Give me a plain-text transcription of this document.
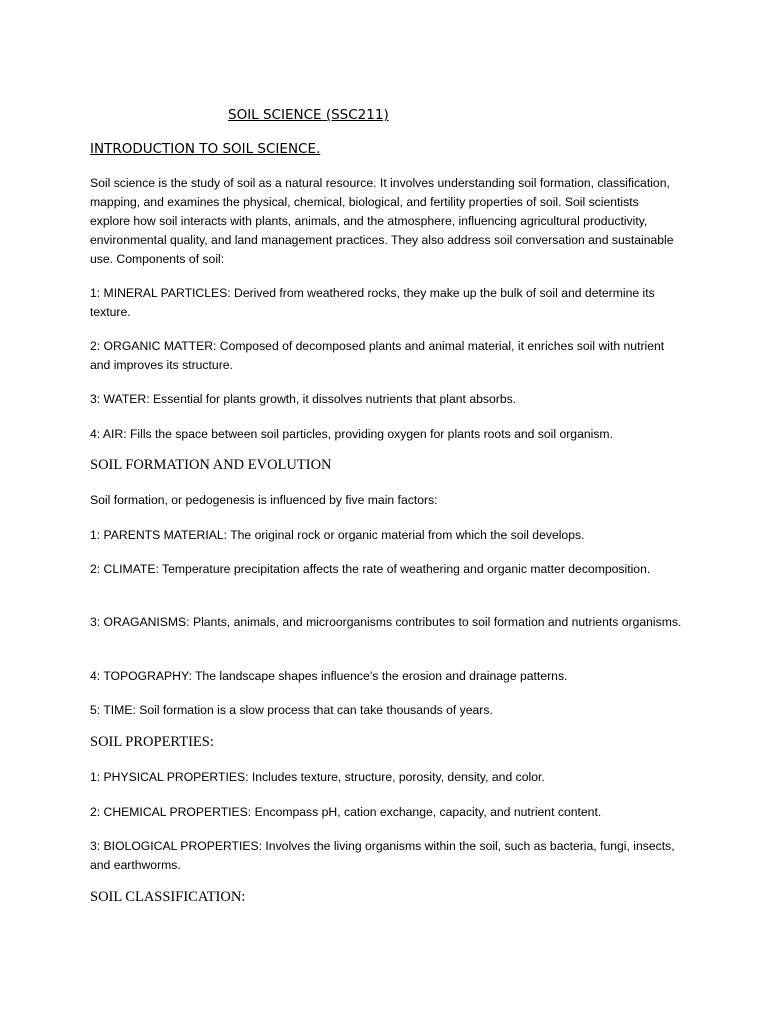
SOIL SCIENCE (SSC211)
INTRODUCTION TO SOIL SCIENCE.

Soil science is the study of soil as a natural resource. It involves understanding soil formation, classification, mapping, and examines the physical, chemical, biological, and fertility properties of soil. Soil scientists explore how soil interacts with plants, animals, and the atmosphere, influencing agricultural productivity, environmental quality, and land management practices. They also address soil conversation and sustainable use. Components of soil:

1: MINERAL PARTICLES: Derived from weathered rocks, they make up the bulk of soil and determine its texture.

2: ORGANIC MATTER: Composed of decomposed plants and animal material, it enriches soil with nutrient and improves its structure.

3: WATER: Essential for plants growth, it dissolves nutrients that plant absorbs.

4: AIR: Fills the space between soil particles, providing oxygen for plants roots and soil organism.

SOIL FORMATION AND EVOLUTION

Soil formation, or pedogenesis is influenced by five main factors:

1: PARENTS MATERIAL: The original rock or organic material from which the soil develops.

2: CLIMATE: Temperature precipitation affects the rate of weathering and organic matter decomposition.

3: ORAGANISMS: Plants, animals, and microorganisms contributes to soil formation and nutrients organisms.

4: TOPOGRAPHY: The landscape shapes influence’s the erosion and drainage patterns.

5: TIME: Soil formation is a slow process that can take thousands of years.

SOIL PROPERTIES:

1: PHYSICAL PROPERTIES: Includes texture, structure, porosity, density, and color.

2: CHEMICAL PROPERTIES: Encompass pH, cation exchange, capacity, and nutrient content.

3: BIOLOGICAL PROPERTIES: Involves the living organisms within the soil, such as bacteria, fungi, insects, and earthworms.

SOIL CLASSIFICATION:
